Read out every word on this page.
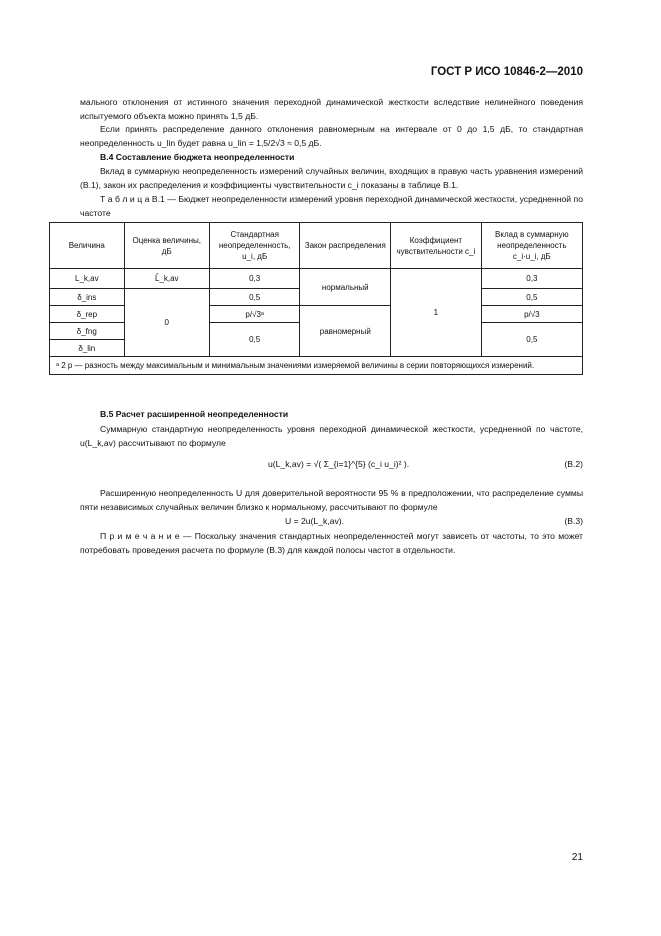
ГОСТ Р ИСО 10846-2—2010
мального отклонения от истинного значения переходной динамической жесткости вследствие нелинейного поведения испытуемого объекта можно принять 1,5 дБ.
Если принять распределение данного отклонения равномерным на интервале от 0 до 1,5 дБ, то стандартная неопределенность u_lin будет равна u_lin = 1,5/2√3 ≈ 0,5 дБ.
В.4 Составление бюджета неопределенности
Вклад в суммарную неопределенность измерений случайных величин, входящих в правую часть уравнения измерений (В.1), закон их распределения и коэффициенты чувствительности c_i показаны в таблице В.1.
Т а б л и ц а В.1 — Бюджет неопределенности измерений уровня переходной динамической жесткости, усредненной по частоте
Величина	Оценка величины, дБ	Стандартная неопределенность, u_i, дБ	Закон распределения	Коэффициент чувствительности c_i	Вклад в суммарную неопределенность c_i·u_i, дБ
L_k,av	L̂_k,av	0,3	нормальный	1	0,3
δ_ins	0	0,5			0,5
δ_rep		p/√3ᵃ	равномерный		p/√3
δ_fng		0,5			0,5
δ_lin					
ᵃ 2 p — разность между максимальным и минимальным значениями измеряемой величины в серии повторяющихся измерений.					
В.5 Расчет расширенной неопределенности
Суммарную стандартную неопределенность уровня переходной динамической жесткости, усредненной по частоте, u(L_k,av) рассчитывают по формуле
u(L_k,av) = √( Σ_{i=1}^{5} (c_i u_i)² ).	(В.2)
Расширенную неопределенность U для доверительной вероятности 95 % в предположении, что распределение суммы пяти независимых случайных величин близко к нормальному, рассчитывают по формуле
U = 2u(L_k,av).	(В.3)
П р и м е ч а н и е — Поскольку значения стандартных неопределенностей могут зависеть от частоты, то это может потребовать проведения расчета по формуле (В.3) для каждой полосы частот в отдельности.
21
